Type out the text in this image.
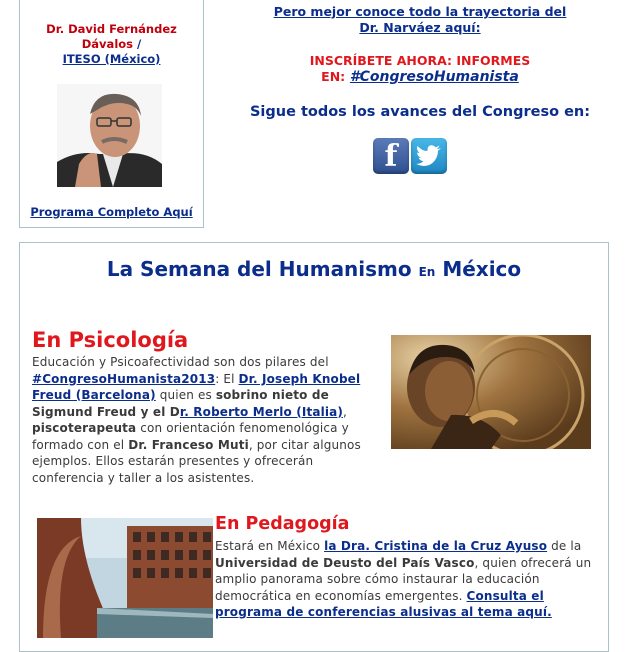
Dr. David Fernández
Dávalos /
ITESO (México)
Programa Completo Aquí
Pero mejor conoce todo la trayectoria del
Dr. Narváez aquí:
INSCRÍBETE AHORA: INFORMES
EN: #CongresoHumanista
Sigue todos los avances del Congreso en:
f
La Semana del Humanismo En México
En Psicología
Educación y Psicoafectividad son dos pilares del #CongresoHumanista2013: El Dr. Joseph Knobel Freud (Barcelona) quien es sobrino nieto de Sigmund Freud y el Dr. Roberto Merlo (Italia), piscoterapeuta con orientación fenomenológica y formado con el Dr. Franceso Muti, por citar algunos ejemplos. Ellos estarán presentes y ofrecerán conferencia y taller a los asistentes.
En Pedagogía
Estará en México la Dra. Cristina de la Cruz Ayuso de la Universidad de Deusto del País Vasco, quien ofrecerá un amplio panorama sobre cómo instaurar la educación democrática en economías emergentes. Consulta el programa de conferencias alusivas al tema aquí.
